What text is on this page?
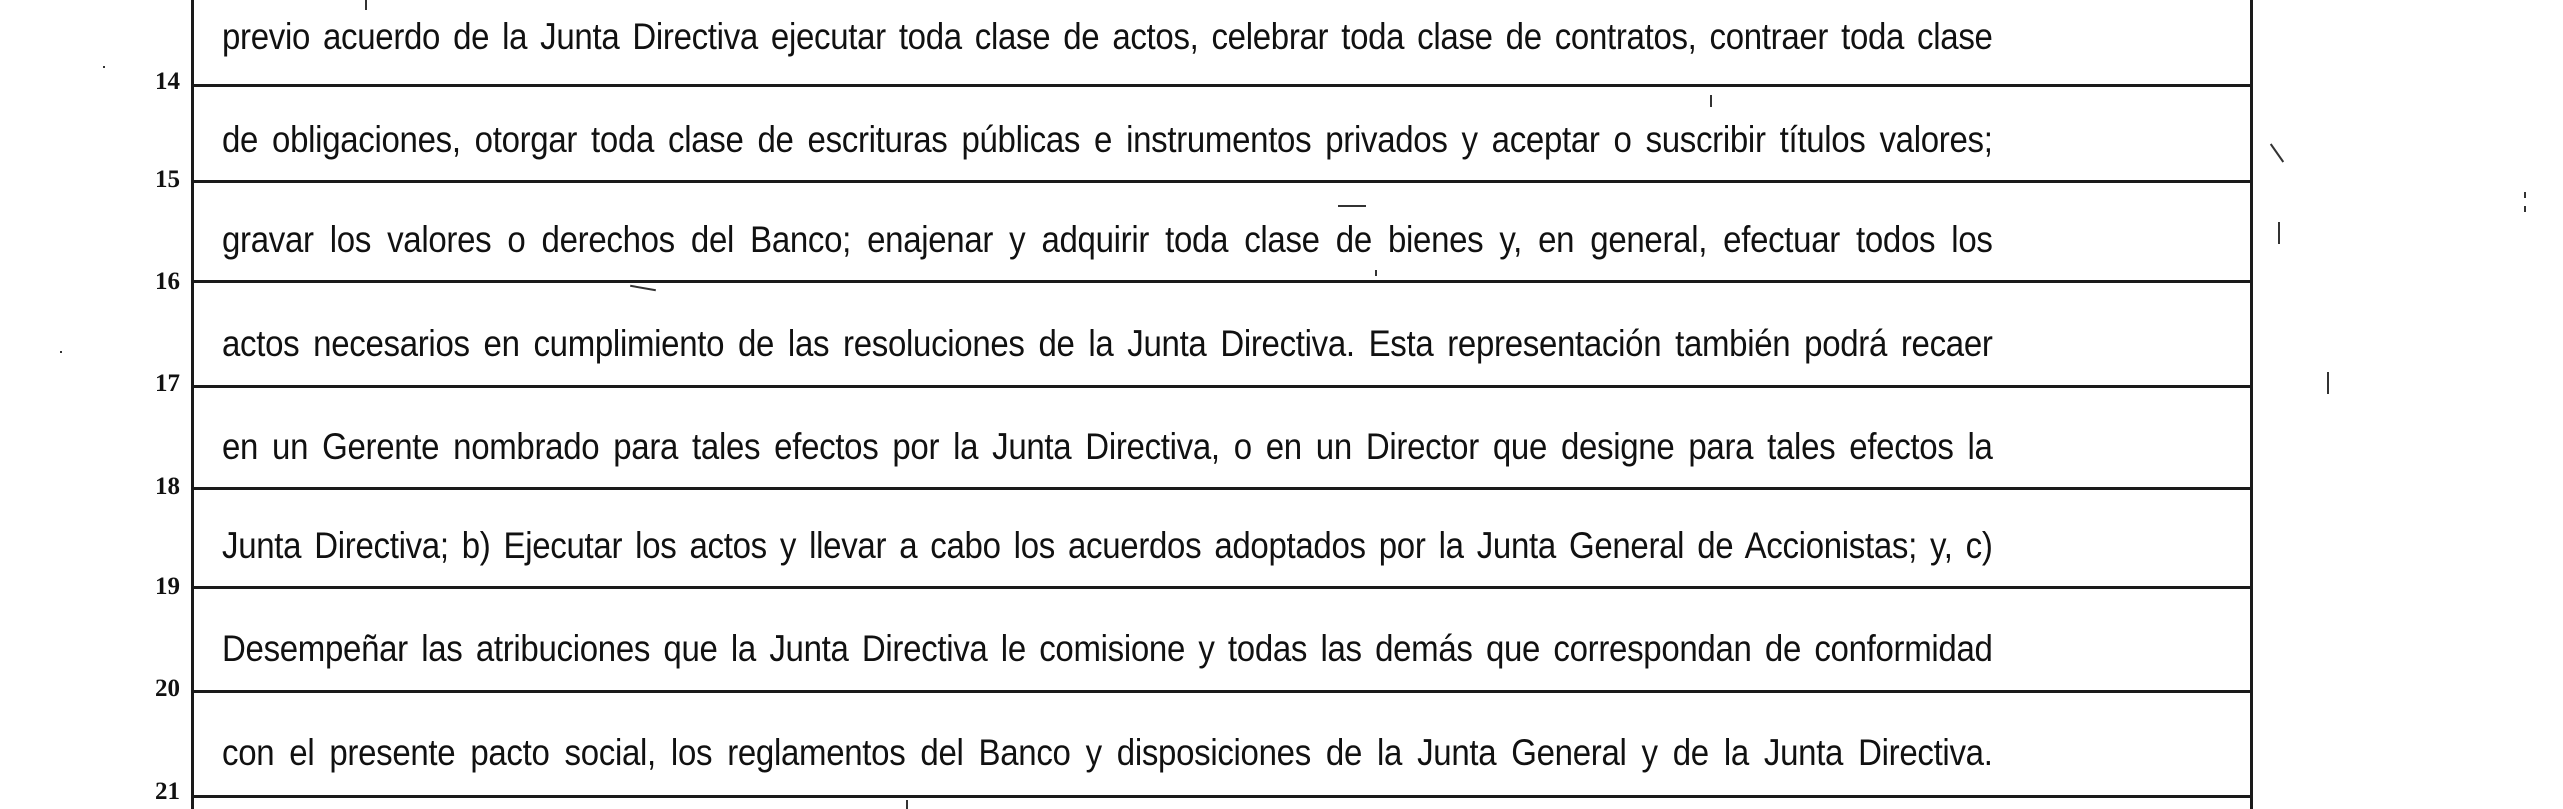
previo acuerdo de la Junta Directiva ejecutar toda clase de actos, celebrar toda clase de contratos, contraer toda clase
14
de obligaciones, otorgar toda clase de escrituras públicas e instrumentos privados y aceptar o suscribir títulos valores;
15
gravar los valores o derechos del Banco; enajenar y adquirir toda clase de bienes y, en general, efectuar todos los
16
actos necesarios en cumplimiento de las resoluciones de la Junta Directiva. Esta representación también podrá recaer
17
en un Gerente nombrado para tales efectos por la Junta Directiva, o en un Director que designe para tales efectos la
18
Junta Directiva; b) Ejecutar los actos y llevar a cabo los acuerdos adoptados por la Junta General de Accionistas; y, c)
19
Desempeñar las atribuciones que la Junta Directiva le comisione y todas las demás que correspondan de conformidad
20
con el presente pacto social, los reglamentos del Banco y disposiciones de la Junta General y de la Junta Directiva.
21
